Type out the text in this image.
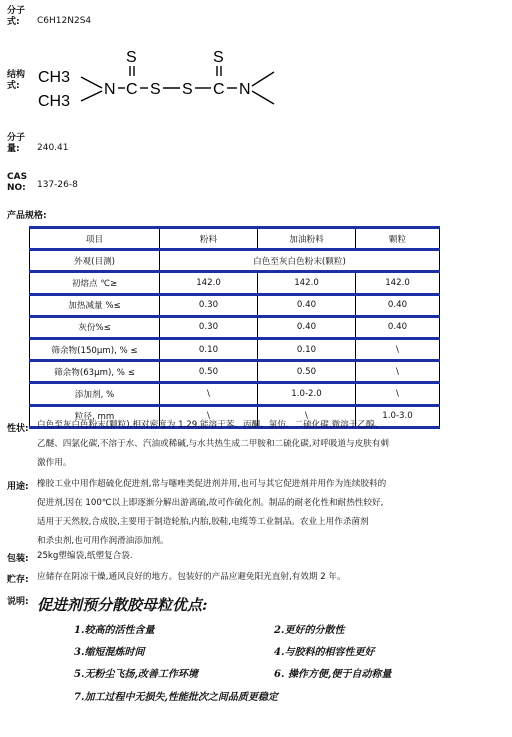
分子式:	C6H12N2S4
结构式:	CH3
CH3
N C
S
S S C
S
N
分子量:	240.41
CAS NO:	137-26-8
产品规格:
项目	粉料	加油粉料	颗粒
外观(目测)	白色至灰白色粉末(颗粒)		
初熔点 ℃≥	142.0	142.0	142.0
加热减量 %≤	0.30	0.40	0.40
灰份%≤	0.30	0.40	0.40
筛余物(150μm), % ≤	0.10	0.10	\
筛余物(63μm), % ≤	0.50	0.50	\
添加剂, %	\	1.0-2.0	\
粒径, mm	\	\	1.0-3.0
性状: 白色至灰白色粉末(颗粒),相对密度为 1.29,能溶于苯、丙酮、氯仿、二硫化碳,微溶于乙醇、
乙醚、四氯化碳,不溶于水、汽油或稀碱,与水共热生成二甲胺和二硫化碳,对呼吸道与皮肤有刺
激作用。
用途: 橡胶工业中用作超硫化促进剂,常与噻唑类促进剂并用,也可与其它促进剂并用作为连续胶料的
促进剂,因在 100℃以上即逐渐分解出游离硫,故可作硫化剂。制品的耐老化性和耐热性较好,
适用于天然胶,合成胶,主要用于制造轮胎,内胎,胶鞋,电缆等工业制品。农业上用作杀菌剂
和杀虫剂,也可用作润滑油添加剂。
包装: 25kg塑编袋,纸塑复合袋.
贮存: 应储存在阴凉干燥,通风良好的地方。包装好的产品应避免阳光直射,有效期 2 年。
说明: 促进剂预分散胶母粒优点:
1.较高的活性含量	2.更好的分散性
3.缩短混炼时间	4.与胶料的相容性更好
5.无粉尘飞扬,改善工作环境	6. 操作方便,便于自动称量
7.加工过程中无损失,性能批次之间品质更稳定
